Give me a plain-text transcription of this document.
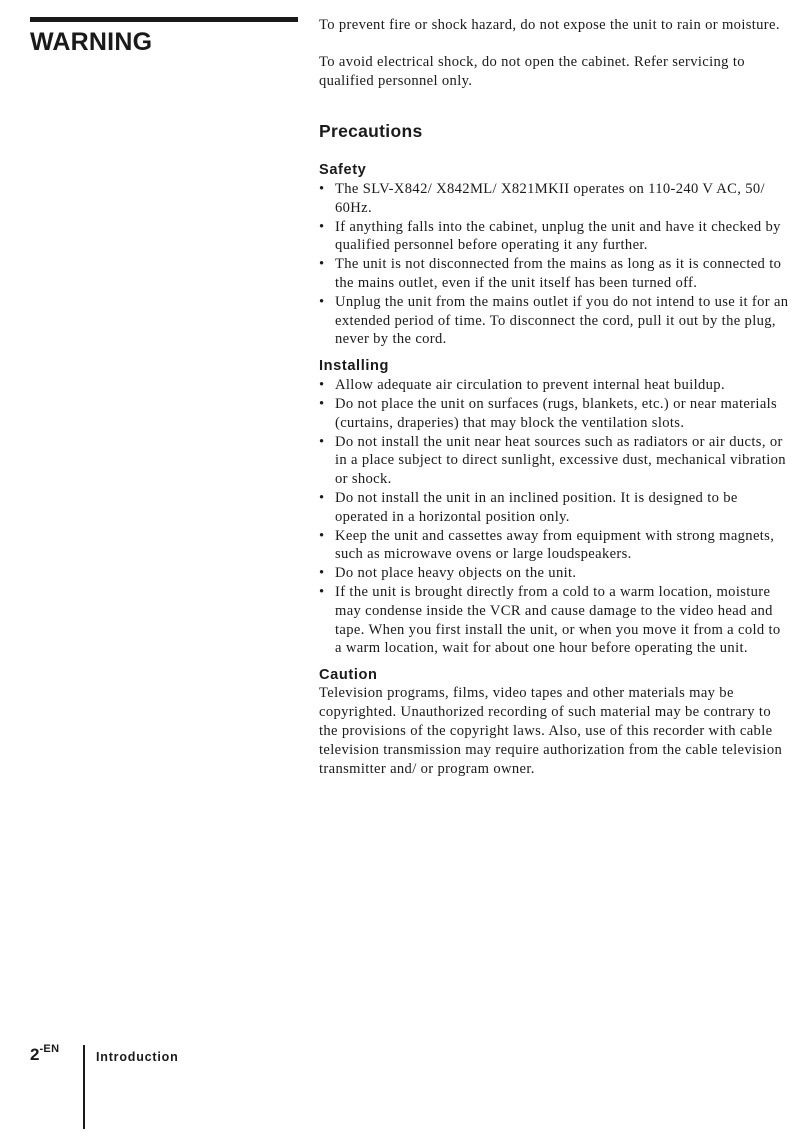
WARNING

To prevent fire or shock hazard, do not expose the unit to rain or moisture.

To avoid electrical shock, do not open the cabinet. Refer servicing to qualified personnel only.

Precautions
Safety
• The SLV-X842/ X842ML/ X821MKII operates on 110-240 V AC, 50/ 60Hz.
• If anything falls into the cabinet, unplug the unit and have it checked by qualified personnel before operating it any further.
• The unit is not disconnected from the mains as long as it is connected to the mains outlet, even if the unit itself has been turned off.
• Unplug the unit from the mains outlet if you do not intend to use it for an extended period of time. To disconnect the cord, pull it out by the plug, never by the cord.
Installing
• Allow adequate air circulation to prevent internal heat buildup.
• Do not place the unit on surfaces (rugs, blankets, etc.) or near materials (curtains, draperies) that may block the ventilation slots.
• Do not install the unit near heat sources such as radiators or air ducts, or in a place subject to direct sunlight, excessive dust, mechanical vibration or shock.
• Do not install the unit in an inclined position. It is designed to be operated in a horizontal position only.
• Keep the unit and cassettes away from equipment with strong magnets, such as microwave ovens or large loudspeakers.
• Do not place heavy objects on the unit.
• If the unit is brought directly from a cold to a warm location, moisture may condense inside the VCR and cause damage to the video head and tape. When you first install the unit, or when you move it from a cold to a warm location, wait for about one hour before operating the unit.
Caution

Television programs, films, video tapes and other materials may be copyrighted. Unauthorized recording of such material may be contrary to the provisions of the copyright laws. Also, use of this recorder with cable television transmission may require authorization from the cable television transmitter and/ or program owner.

$2^{-EN}$
Introduction
